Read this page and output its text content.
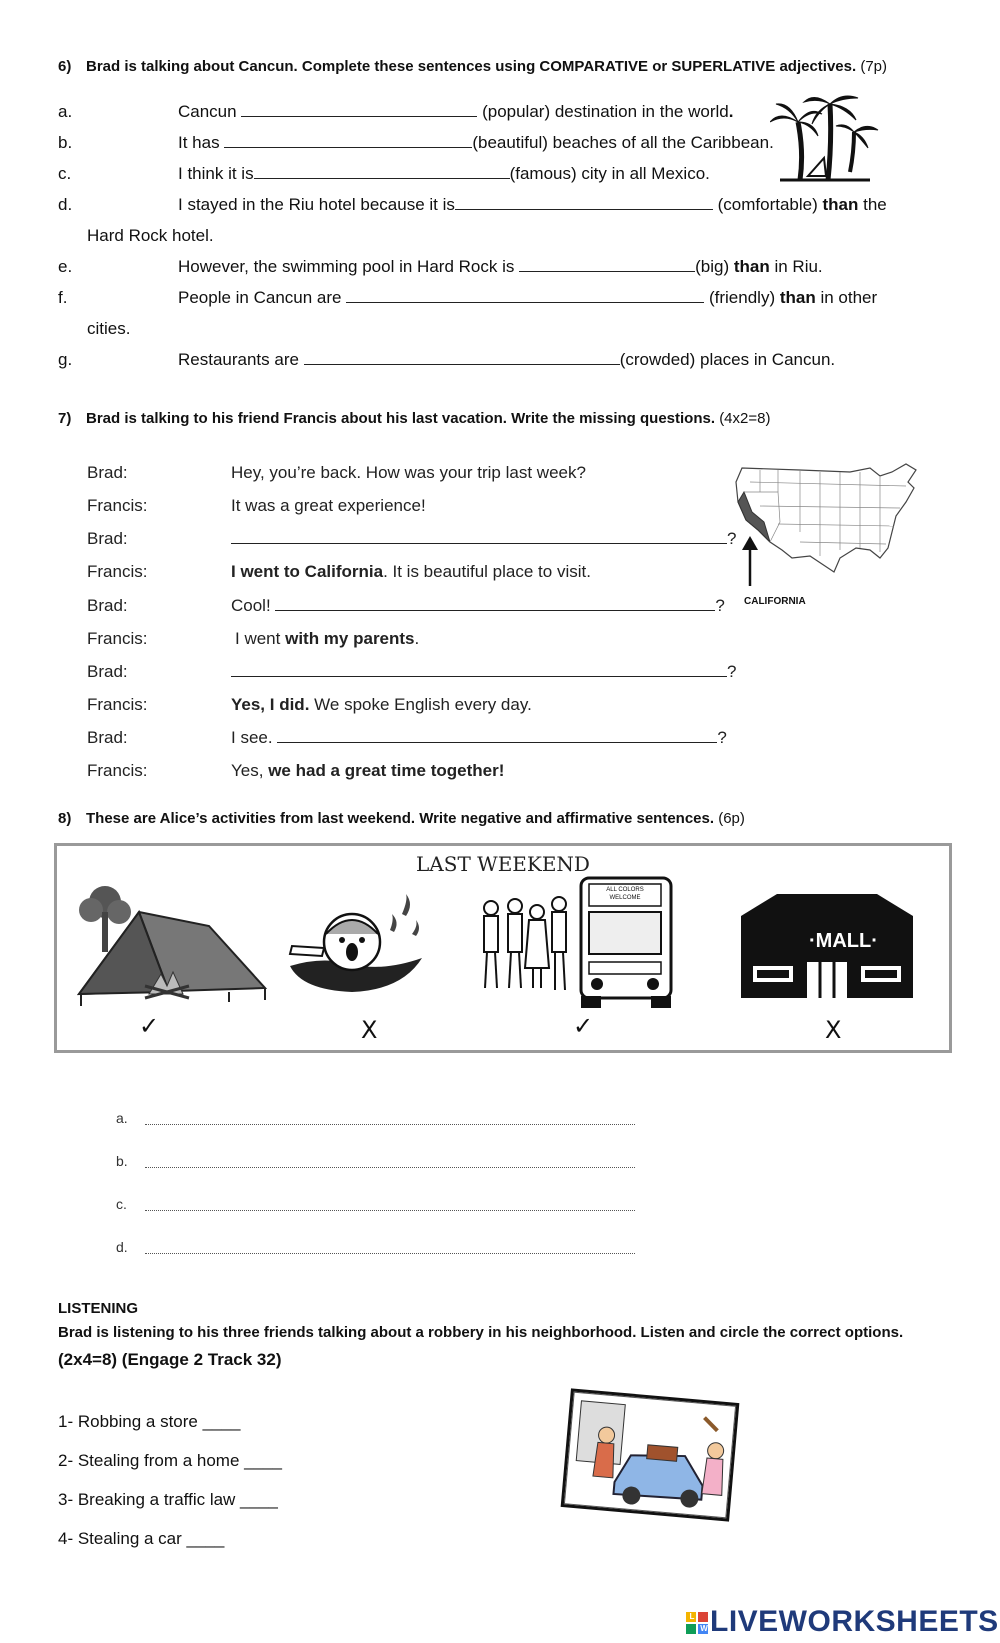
6) Brad is talking about Cancun. Complete these sentences using COMPARATIVE or SUPERLATIVE adjectives. (7p)
a.	Cancun	(popular) destination in the world.
b.	It has	(beautiful) beaches of all the Caribbean.
c.	I think it is	(famous) city in all Mexico.
d.	I stayed in the Riu hotel because it is	(comfortable) than the
Hard Rock hotel.
e.	However, the swimming pool in Hard Rock is	(big) than in Riu.
f.	People in Cancun are	(friendly) than in other
cities.
g.	Restaurants are	(crowded) places in Cancun.
7) Brad is talking to his friend Francis about his last vacation. Write the missing questions. (4x2=8)
CALIFORNIA
Brad:	Hey, you’re back. How was your trip last week?
Francis:	It was a great experience!
Brad:	?
Francis:	I went to California. It is beautiful place to visit.
Brad:	Cool!	?
Francis:	I went with my parents.
Brad:	?
Francis:	Yes, I did. We spoke English every day.
Brad:	I see.	?
Francis:	Yes, we had a great time together!
8) These are Alice’s activities from last weekend. Write negative and affirmative sentences. (6p)
LAST WEEKEND
ALL COLORS WELCOME
·MALL·
✓	X	✓	X
a.
b.
c.
d.
LISTENING
Brad is listening to his three friends talking about a robbery in his neighborhood. Listen and circle the correct options.
(2x4=8) (Engage 2 Track 32)
1- Robbing a store ____
2- Stealing from a home ____
3- Breaking a traffic law ____
4- Stealing a car ____
L
W LIVEWORKSHEETS
